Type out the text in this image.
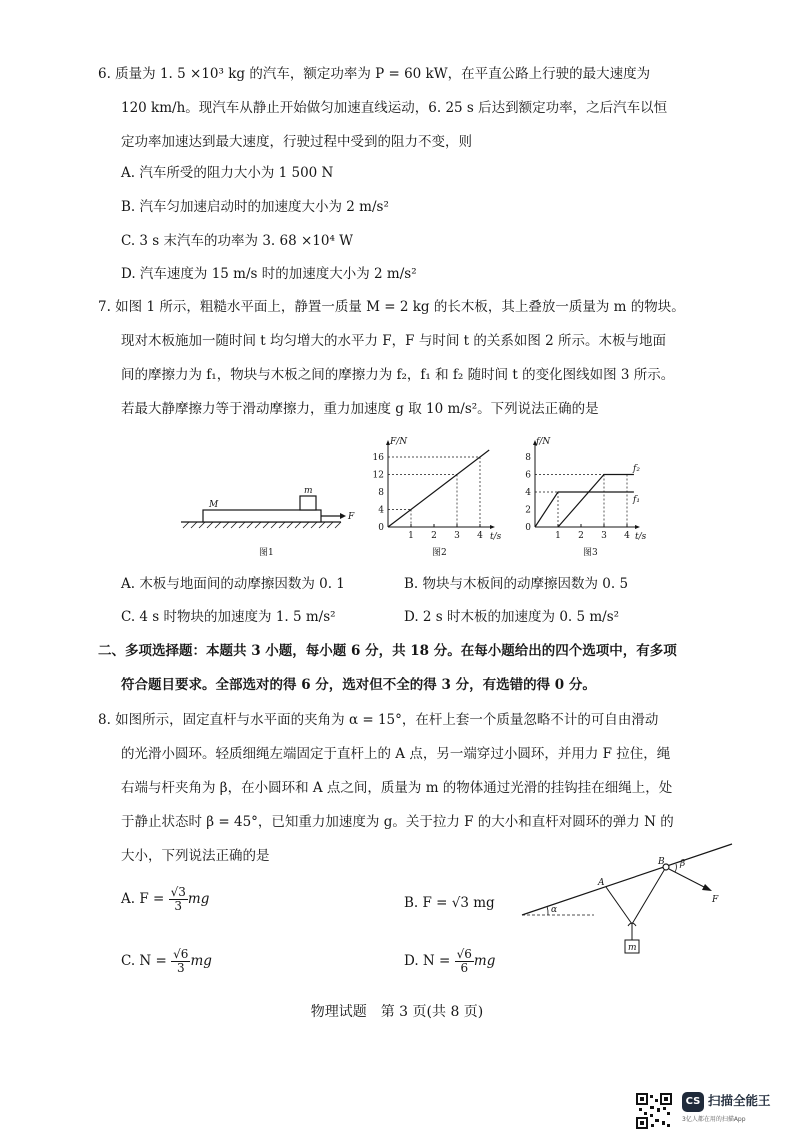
6. 质量为 1. 5 ×10³ kg 的汽车，额定功率为 P = 60 kW，在平直公路上行驶的最大速度为
120 km/h。现汽车从静止开始做匀加速直线运动，6. 25 s 后达到额定功率，之后汽车以恒
定功率加速达到最大速度，行驶过程中受到的阻力不变，则
A. 汽车所受的阻力大小为 1 500 N
B. 汽车匀加速启动时的加速度大小为 2 m/s²
C. 3 s 末汽车的功率为 3. 68 ×10⁴ W
D. 汽车速度为 15 m/s 时的加速度大小为 2 m/s²
7. 如图 1 所示，粗糙水平面上，静置一质量 M = 2 kg 的长木板，其上叠放一质量为 m 的物块。
现对木板施加一随时间 t 均匀增大的水平力 F，F 与时间 t 的关系如图 2 所示。木板与地面
间的摩擦力为 f₁，物块与木板之间的摩擦力为 f₂，f₁ 和 f₂ 随时间 t 的变化图线如图 3 所示。
若最大静摩擦力等于滑动摩擦力，重力加速度 g 取 10 m/s²。下列说法正确的是
M
m
F
图1
16
12
8
4
0
1 2 3 4
F/N
t/s
图2
8
6
4
2
0
1 2 3 4
f/N
t/s
f₂
f₁
图3
A. 木板与地面间的动摩擦因数为 0. 1	B. 物块与木板间的动摩擦因数为 0. 5
C. 4 s 时物块的加速度为 1. 5 m/s²	D. 2 s 时木板的加速度为 0. 5 m/s²
二、多项选择题：本题共 3 小题，每小题 6 分，共 18 分。在每小题给出的四个选项中，有多项
符合题目要求。全部选对的得 6 分，选对但不全的得 3 分，有选错的得 0 分。
8. 如图所示，固定直杆与水平面的夹角为 α = 15°，在杆上套一个质量忽略不计的可自由滑动
的光滑小圆环。轻质细绳左端固定于直杆上的 A 点，另一端穿过小圆环，并用力 F 拉住，绳
右端与杆夹角为 β，在小圆环和 A 点之间，质量为 m 的物体通过光滑的挂钩挂在细绳上，处
于静止状态时 β = 45°，已知重力加速度为 g。关于拉力 F 的大小和直杆对圆环的弹力 N 的
大小，下列说法正确的是
A. $F = \frac{√3}{3}$ mg	B. F = √3 mg
C. $N = \frac{√6}{3}$ mg	D. $N = \frac{√6}{6}$ mg
A
B β
α
F
m
物理试题　第 3 页(共 8 页)
CS 扫描全能王
3亿人都在用的扫描App
